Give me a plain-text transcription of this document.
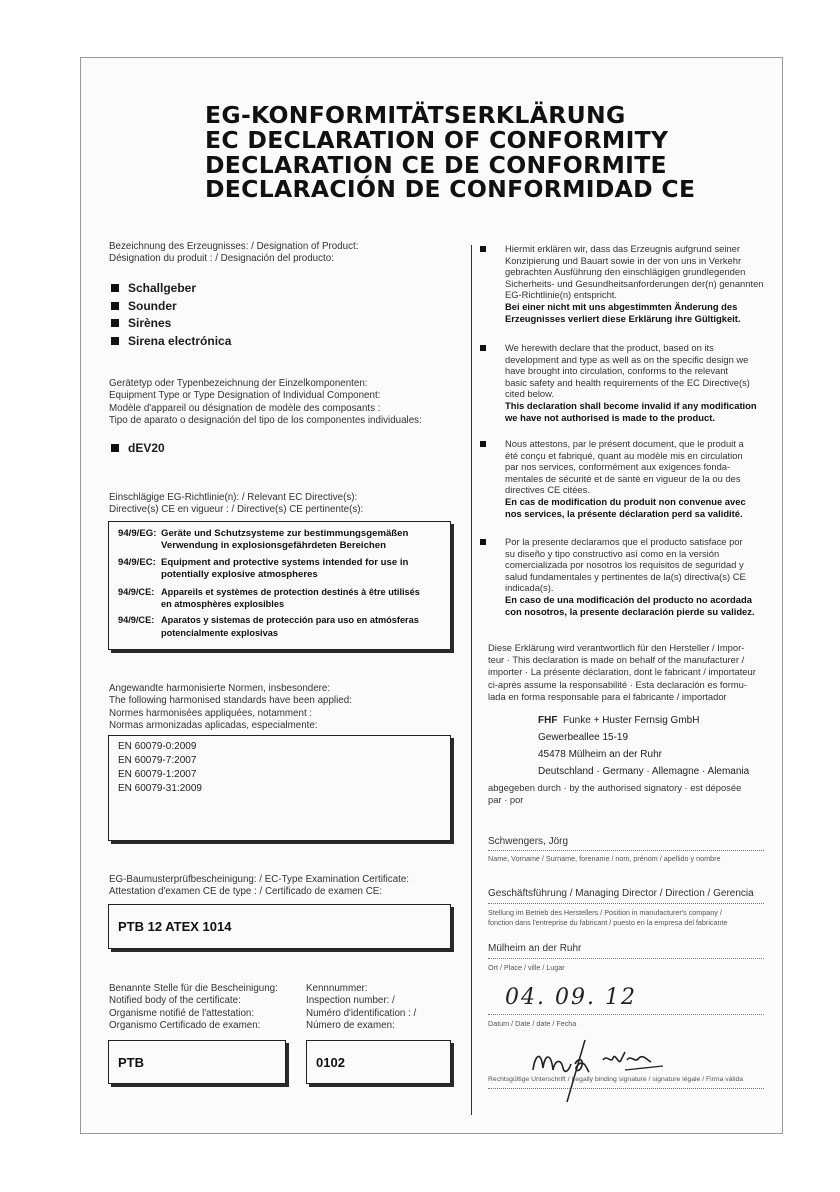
EG-KONFORMITÄTSERKLÄRUNG
EC DECLARATION OF CONFORMITY
DECLARATION CE DE CONFORMITE
DECLARACIÓN DE CONFORMIDAD CE
Bezeichnung des Erzeugnisses: / Designation of Product:
Désignation du produit : / Designación del producto:
Schallgeber
Sounder
Sirènes
Sirena electrónica
Gerätetyp oder Typenbezeichnung der Einzelkomponenten:
Equipment Type or Type Designation of Individual Component:
Modèle d'appareil ou désignation de modèle des composants :
Tipo de aparato o designación del tipo de los componentes individuales:
dEV20
Einschlägige EG-Richtlinie(n): / Relevant EC Directive(s):
Directive(s) CE en vigueur : / Directive(s) CE pertinente(s):
94/9/EG: Geräte und Schutzsysteme zur bestimmungsgemäßen
Verwendung in explosionsgefährdeten Bereichen
94/9/EC: Equipment and protective systems intended for use in
potentially explosive atmospheres
94/9/CE: Appareils et systèmes de protection destinés à être utilisés
en atmosphères explosibles
94/9/CE: Aparatos y sistemas de protección para uso en atmósferas
potencialmente explosivas
Angewandte harmonisierte Normen, insbesondere:
The following harmonised standards have been applied:
Normes harmonisées appliquées, notamment :
Normas armonizadas aplicadas, especialmente:
EN 60079-0:2009
EN 60079-7:2007
EN 60079-1:2007
EN 60079-31:2009
EG-Baumusterprüfbescheinigung: / EC-Type Examination Certificate:
Attestation d'examen CE de type : / Certificado de examen CE:
PTB 12 ATEX 1014
Benannte Stelle für die Bescheinigung:
Notified body of the certificate:
Organisme notifié de l'attestation:
Organismo Certificado de examen:
Kennnummer:
Inspection number: /
Numéro d'identification : /
Número de examen:
PTB	0102
Hiermit erklären wir, dass das Erzeugnis aufgrund seiner
Konzipierung und Bauart sowie in der von uns in Verkehr
gebrachten Ausführung den einschlägigen grundlegenden
Sicherheits- und Gesundheitsanforderungen der(n) genannten
EG-Richtlinie(n) entspricht.
Bei einer nicht mit uns abgestimmten Änderung des
Erzeugnisses verliert diese Erklärung ihre Gültigkeit.
We herewith declare that the product, based on its
development and type as well as on the specific design we
have brought into circulation, conforms to the relevant
basic safety and health requirements of the EC Directive(s)
cited below.
This declaration shall become invalid if any modification
we have not authorised is made to the product.
Nous attestons, par le présent document, que le produit a
été conçu et fabriqué, quant au modèle mis en circulation
par nos services, conformément aux exigences fonda-
mentales de sécurité et de santé en vigueur de la ou des
directives CE citées.
En cas de modification du produit non convenue avec
nos services, la présente déclaration perd sa validité.
Por la presente declaramos que el producto satisface por
su diseño y tipo constructivo así como en la versión
comercializada por nosotros los requisitos de seguridad y
salud fundamentales y pertinentes de la(s) directiva(s) CE
indicada(s).
En caso de una modificación del producto no acordada
con nosotros, la presente declaración pierde su validez.
Diese Erklärung wird verantwortlich für den Hersteller / Impor-
teur · This declaration is made on behalf of the manufacturer /
importer · La présente déclaration, dont le fabricant / importateur
ci-après assume la responsabilité · Esta declaración es formu-
lada en forma responsable para el fabricante / importador
FHF Funke + Huster Fernsig GmbH
Gewerbeallee 15-19
45478 Mülheim an der Ruhr
Deutschland · Germany · Allemagne · Alemania
abgegeben durch · by the authorised signatory · est déposée
par · por
Schwengers, Jörg
Name, Vorname / Surname, forename / nom, prénom / apellido y nombre
Geschäftsführung / Managing Director / Direction / Gerencia
Stellung im Betrieb des Herstellers / Position in manufacturer's company /
fonction dans l'entreprise du fabricant / puesto en la empresa del fabricante
Mülheim an der Ruhr
Ort / Place / ville / Lugar
04. 09. 12
Datum / Date / date / Fecha
Rechtsgültige Unterschrift / Legally binding signature / signature légale / Firma válida
